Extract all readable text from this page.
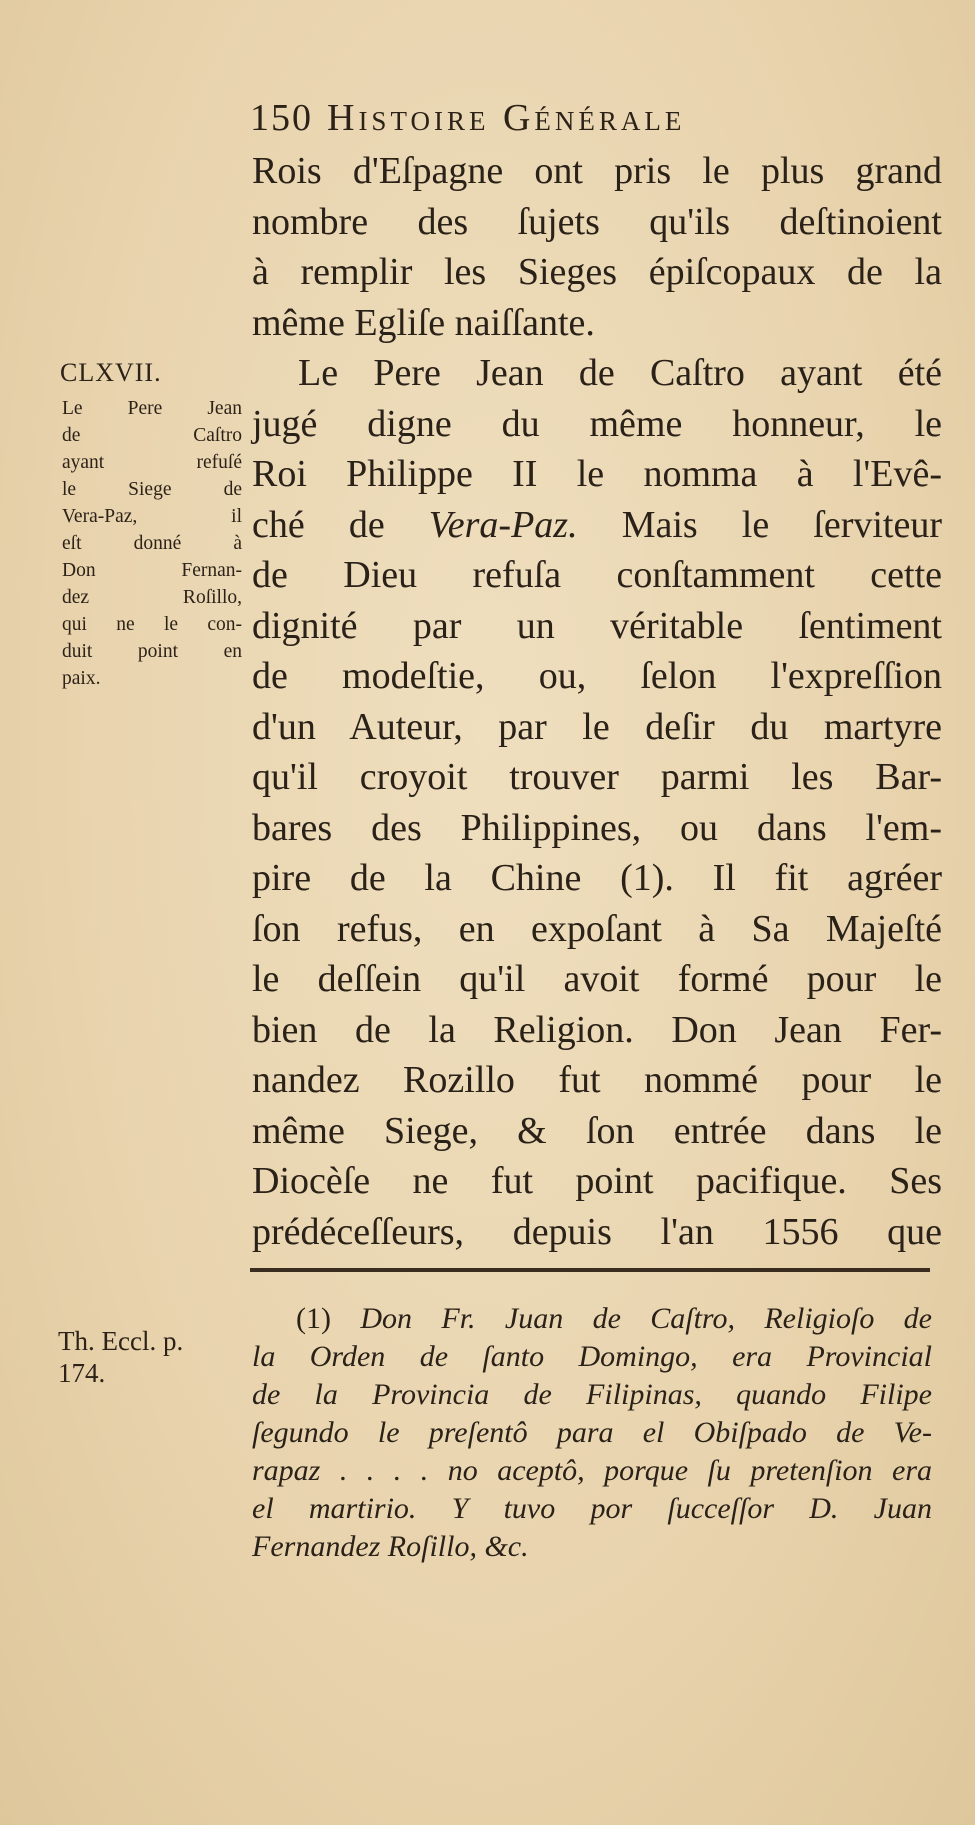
150 Histoire Générale
Rois d'Eſpagne ont pris le plus grand
nombre des ſujets qu'ils deſtinoient
à remplir les Sieges épiſcopaux de la
même Egliſe naiſſante.
Le Pere Jean de Caſtro ayant été
jugé digne du même honneur, le
Roi Philippe II le nomma à l'Evê-
ché de Vera-Paz. Mais le ſerviteur
de Dieu refuſa conſtamment cette
dignité par un véritable ſentiment
de modeſtie, ou, ſelon l'expreſſion
d'un Auteur, par le deſir du martyre
qu'il croyoit trouver parmi les Bar-
bares des Philippines, ou dans l'em-
pire de la Chine (1). Il fit agréer
ſon refus, en expoſant à Sa Majeſté
le deſſein qu'il avoit formé pour le
bien de la Religion. Don Jean Fer-
nandez Rozillo fut nommé pour le
même Siege, & ſon entrée dans le
Diocèſe ne fut point pacifique. Ses
prédéceſſeurs, depuis l'an 1556 que
CLXVII.
Le Pere Jean
de Caſtro
ayant refuſé
le Siege de
Vera-Paz, il
eſt donné à
Don Fernan-
dez Roſillo,
qui ne le con-
duit point en
paix.
Th. Eccl. p.
174.
(1) Don Fr. Juan de Caſtro, Religioſo de
la Orden de ſanto Domingo, era Provincial
de la Provincia de Filipinas, quando Filipe
ſegundo le preſentô para el Obiſpado de Ve-
rapaz . . . . no aceptô, porque ſu pretenſion era
el martirio. Y tuvo por ſucceſſor D. Juan
Fernandez Roſillo, &c.
